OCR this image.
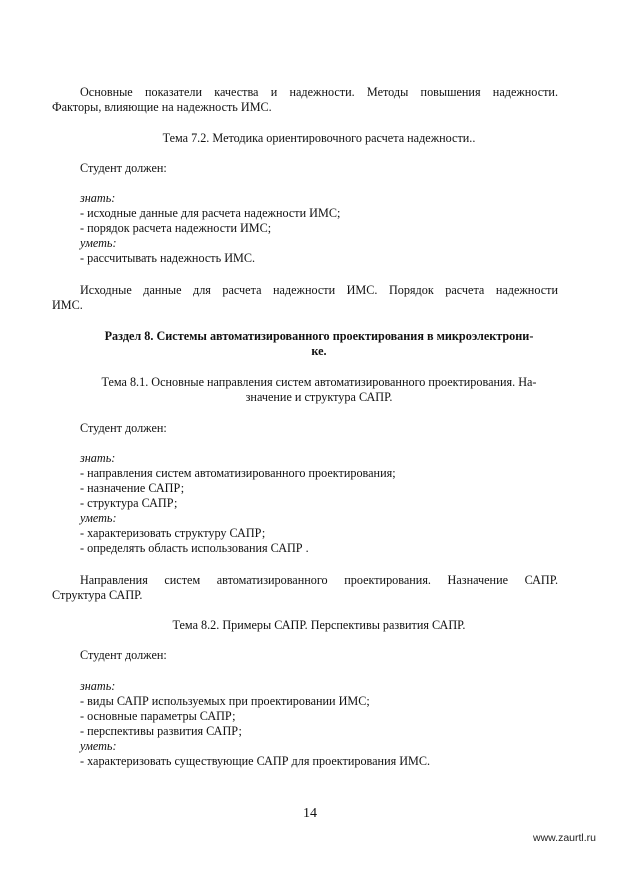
Основные показатели качества и надежности. Методы повышения надежности.
Факторы, влияющие на надежность ИМС.
Тема 7.2. Методика ориентировочного расчета надежности..
Студент должен:
знать:
- исходные данные для расчета надежности ИМС;
- порядок расчета надежности ИМС;
уметь:
- рассчитывать надежность ИМС.
Исходные данные для расчета надежности ИМС. Порядок расчета надежности
ИМС.
Раздел 8. Системы автоматизированного проектирования в микроэлектрони-
ке.
Тема 8.1. Основные направления систем автоматизированного проектирования. На-
значение и структура САПР.
Студент должен:
знать:
- направления систем автоматизированного проектирования;
- назначение САПР;
- структура САПР;
уметь:
- характеризовать структуру САПР;
- определять область использования САПР .
Направления систем автоматизированного проектирования. Назначение САПР.
Структура САПР.
Тема 8.2. Примеры САПР. Перспективы развития САПР.
Студент должен:
знать:
- виды САПР используемых при проектировании ИМС;
- основные параметры САПР;
- перспективы развития САПР;
уметь:
- характеризовать существующие САПР для проектирования ИМС.
14
www.zaurtl.ru
